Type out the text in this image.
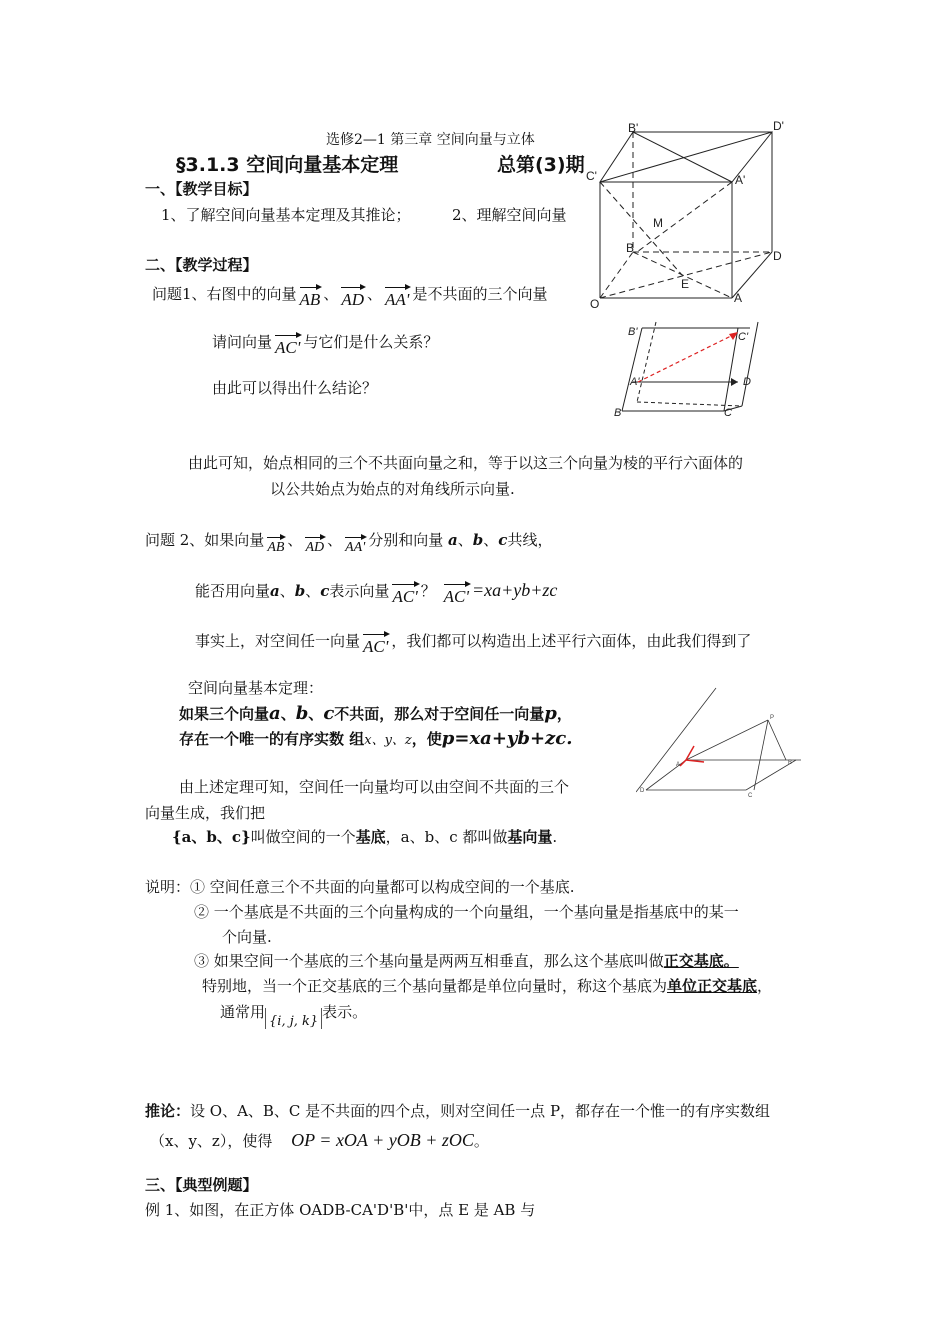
选修2—1 第三章 空间向量与立体
§3.1.3 空间向量基本定理	总第(3)期
一、【教学目标】
1、了解空间向量基本定理及其推论；	2、理解空间向量
二、【教学过程】
问题1、右图中的向量 AB 、 AD 、 AA' 是不共面的三个向量
请问向量 AC' 与它们是什么关系？
由此可以得出什么结论？
由此可知，始点相同的三个不共面向量之和，等于以这三个向量为棱的平行六面体的
以公共始点为始点的对角线所示向量.
问题 2、如果向量 AB 、 AD 、 AA' 分别和向量 a、b、c共线，
能否用向量a、b、c表示向量 AC' ？ AC' =xa+yb+zc
事实上，对空间任一向量 AC' ，我们都可以构造出上述平行六面体，由此我们得到了
空间向量基本定理：
如果三个向量a、b、c不共面，那么对于空间任一向量p，
存在一个唯一的有序实数 组x、y、z，使p=xa+yb+zc.
由上述定理可知，空间任一向量均可以由空间不共面的三个
向量生成，我们把
{a、b、c}叫做空间的一个基底，a、b、c 都叫做基向量.
说明：① 空间任意三个不共面的向量都可以构成空间的一个基底.
② 一个基底是不共面的三个向量构成的一个向量组，一个基向量是指基底中的某一
个向量.
③ 如果空间一个基底的三个基向量是两两互相垂直，那么这个基底叫做正交基底。
特别地，当一个正交基底的三个基向量都是单位向量时，称这个基底为单位正交基底，
通常用{i, j, k}表示。
推论：设 O、A、B、C 是不共面的四个点，则对空间任一点 P，都存在一个惟一的有序实数组
（x、y、z），使得 OP = xOA + yOB + zOC。
三、【典型例题】
例 1、如图，在正方体 OADB-CA'D'B'中，点 E 是 AB 与
B'	D'
C'	A'
M
B
D
E
O	A
B'	C'
A'	D
B	C
P
A	B
C
D
